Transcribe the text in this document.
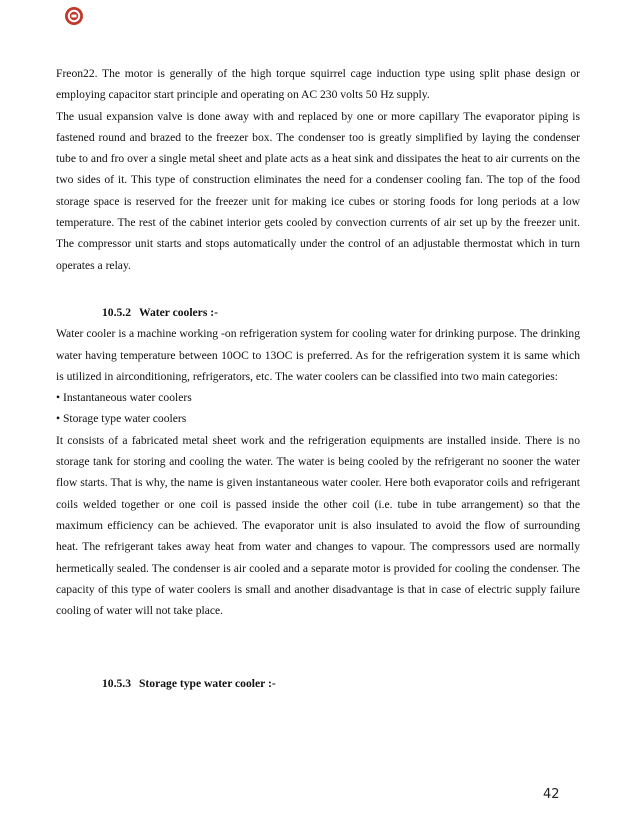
Freon22. The motor is generally of the high torque squirrel cage induction type using split phase design or employing capacitor start principle and operating on AC 230 volts 50 Hz supply.

The usual expansion valve is done away with and replaced by one or more capillary The evaporator piping is fastened round and brazed to the freezer box. The condenser too is greatly simplified by laying the condenser tube to and fro over a single metal sheet and plate acts as a heat sink and dissipates the heat to air currents on the two sides of it. This type of construction eliminates the need for a condenser cooling fan. The top of the food storage space is reserved for the freezer unit for making ice cubes or storing foods for long periods at a low temperature. The rest of the cabinet interior gets cooled by convection currents of air set up by the freezer unit. The compressor unit starts and stops automatically under the control of an adjustable thermostat which in turn operates a relay.

10.5.2 Water coolers :-

Water cooler is a machine working -on refrigeration system for cooling water for drinking purpose. The drinking water having temperature between 10OC to 13OC is preferred. As for the refrigeration system it is same which is utilized in airconditioning, refrigerators, etc. The water coolers can be classified into two main categories:

• Instantaneous water coolers

• Storage type water coolers

It consists of a fabricated metal sheet work and the refrigeration equipments are installed inside. There is no storage tank for storing and cooling the water. The water is being cooled by the refrigerant no sooner the water flow starts. That is why, the name is given instantaneous water cooler. Here both evaporator coils and refrigerant coils welded together or one coil is passed inside the other coil (i.e. tube in tube arrangement) so that the maximum efficiency can be achieved. The evaporator unit is also insulated to avoid the flow of surrounding heat. The refrigerant takes away heat from water and changes to vapour. The compressors used are normally hermetically sealed. The condenser is air cooled and a separate motor is provided for cooling the condenser. The capacity of this type of water coolers is small and another disadvantage is that in case of electric supply failure cooling of water will not take place.

10.5.3 Storage type water cooler :-
42
